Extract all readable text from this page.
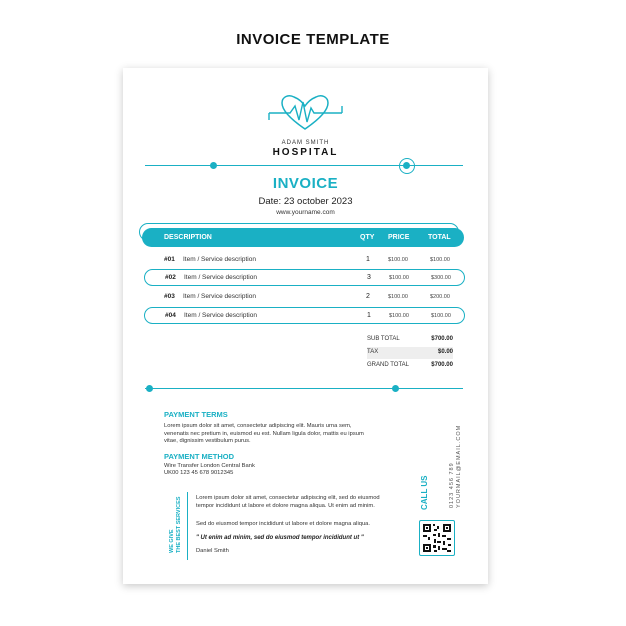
INVOICE TEMPLATE
ADAM SMITH
HOSPITAL
INVOICE
Date: 23 october 2023
www.yourname.com
DESCRIPTION	QTY PRICE	TOTAL
#01 Item / Service description	1	$100.00	$100.00
#02 Item / Service description	3	$100.00	$300.00
#03 Item / Service description	2	$100.00	$200.00
#04 Item / Service description	1	$100.00	$100.00
SUB TOTAL	$700.00
TAX	$0.00
GRAND TOTAL	$700.00
PAYMENT TERMS
Lorem ipsum dolor sit amet, consectetur adipiscing elit. Mauris urna sem, venenatis nec pretium in, euismod eu est. Nullam ligula dolor, mattis eu ipsum vitae, dignissim vestibulum purus.
PAYMENT METHOD
Wire Transfer London Central Bank
UK00 123 45 678 9012345
WE GIVE THE BEST SERVICES Lorem ipsum dolor sit amet, consectetur adipiscing elit, sed do eiusmod tempor incididunt ut labore et dolore magna aliqua. Ut enim ad minim.
Sed do eiusmod tempor incididunt ut labore et dolore magna aliqua.
" Ut enim ad minim, sed do eiusmod tempor incididunt ut "
Daniel Smith
CALL US	0123 456 789 YOURMAIL@EMAIL.COM
